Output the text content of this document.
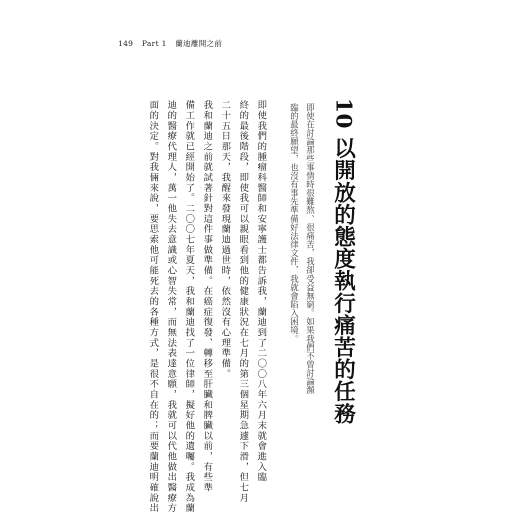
149 Part 1 蘭迪離開之前
10 以開放的態度執行痛苦的任務
即使在討論那些事情時很難熬、很痛苦，我卻受益無窮。如果我們不曾討論瀕
臨的最終願望，也沒有事先準備好法律文件，我就會陷入困境。
即使我們的腫瘤科醫師和安寧護士都告訴我，蘭迪到了二〇〇八年六月末就會進入臨
終的最後階段，即使我可以親眼看到他的健康狀況在七月的第三個星期急遽下滑，但七月
二十五日那天，我醒來發現蘭迪過世時，依然沒有心理準備。
我和蘭迪之前就試著針對這件事做準備。在癌症復發、轉移至肝臟和脾臟以前，有些準
備工作就已經開始了。二〇〇七年夏天，我和蘭迪找了一位律師，擬好他的遺囑。我成為蘭
迪的醫療代理人，萬一他失去意識或心智失常，而無法表達意願，我就可以代他做出醫療方
面的決定。對我倆來說，要思索他可能死去的各種方式，是很不自在的；而要蘭迪明確說出
